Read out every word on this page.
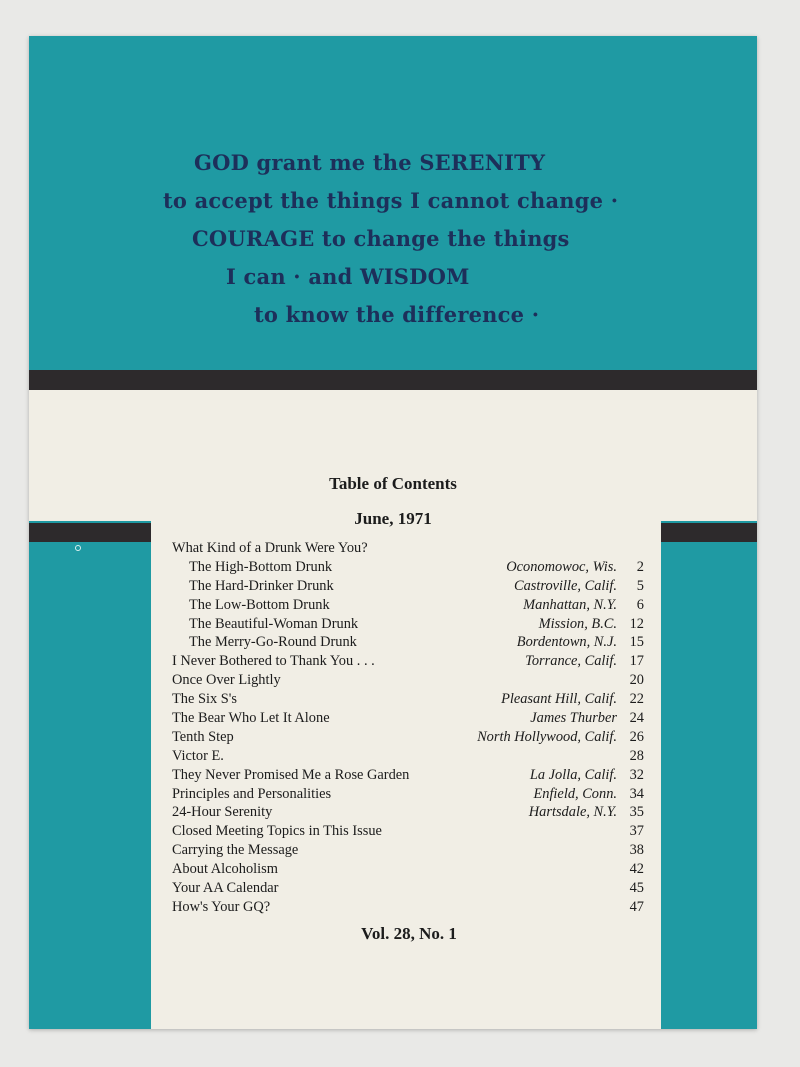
GOD grant me the SERENITY
to accept the things I cannot change ·
COURAGE to change the things
I can · and WISDOM
to know the difference ·
Table of Contents
June, 1971
What Kind of a Drunk Were You?
The High-Bottom Drunk	Oconomowoc, Wis.	2
The Hard-Drinker Drunk	Castroville, Calif.	5
The Low-Bottom Drunk	Manhattan, N.Y.	6
The Beautiful-Woman Drunk	Mission, B.C. 12
The Merry-Go-Round Drunk	Bordentown, N.J. 15
I Never Bothered to Thank You . . .	Torrance, Calif. 17
Once Over Lightly	20
The Six S's	Pleasant Hill, Calif. 22
The Bear Who Let It Alone	James Thurber 24
Tenth Step	North Hollywood, Calif. 26
Victor E.	28
They Never Promised Me a Rose Garden	La Jolla, Calif. 32
Principles and Personalities	Enfield, Conn. 34
24-Hour Serenity	Hartsdale, N.Y. 35
Closed Meeting Topics in This Issue	37
Carrying the Message	38
About Alcoholism	42
Your AA Calendar	45
How's Your GQ?	47
Vol. 28, No. 1
